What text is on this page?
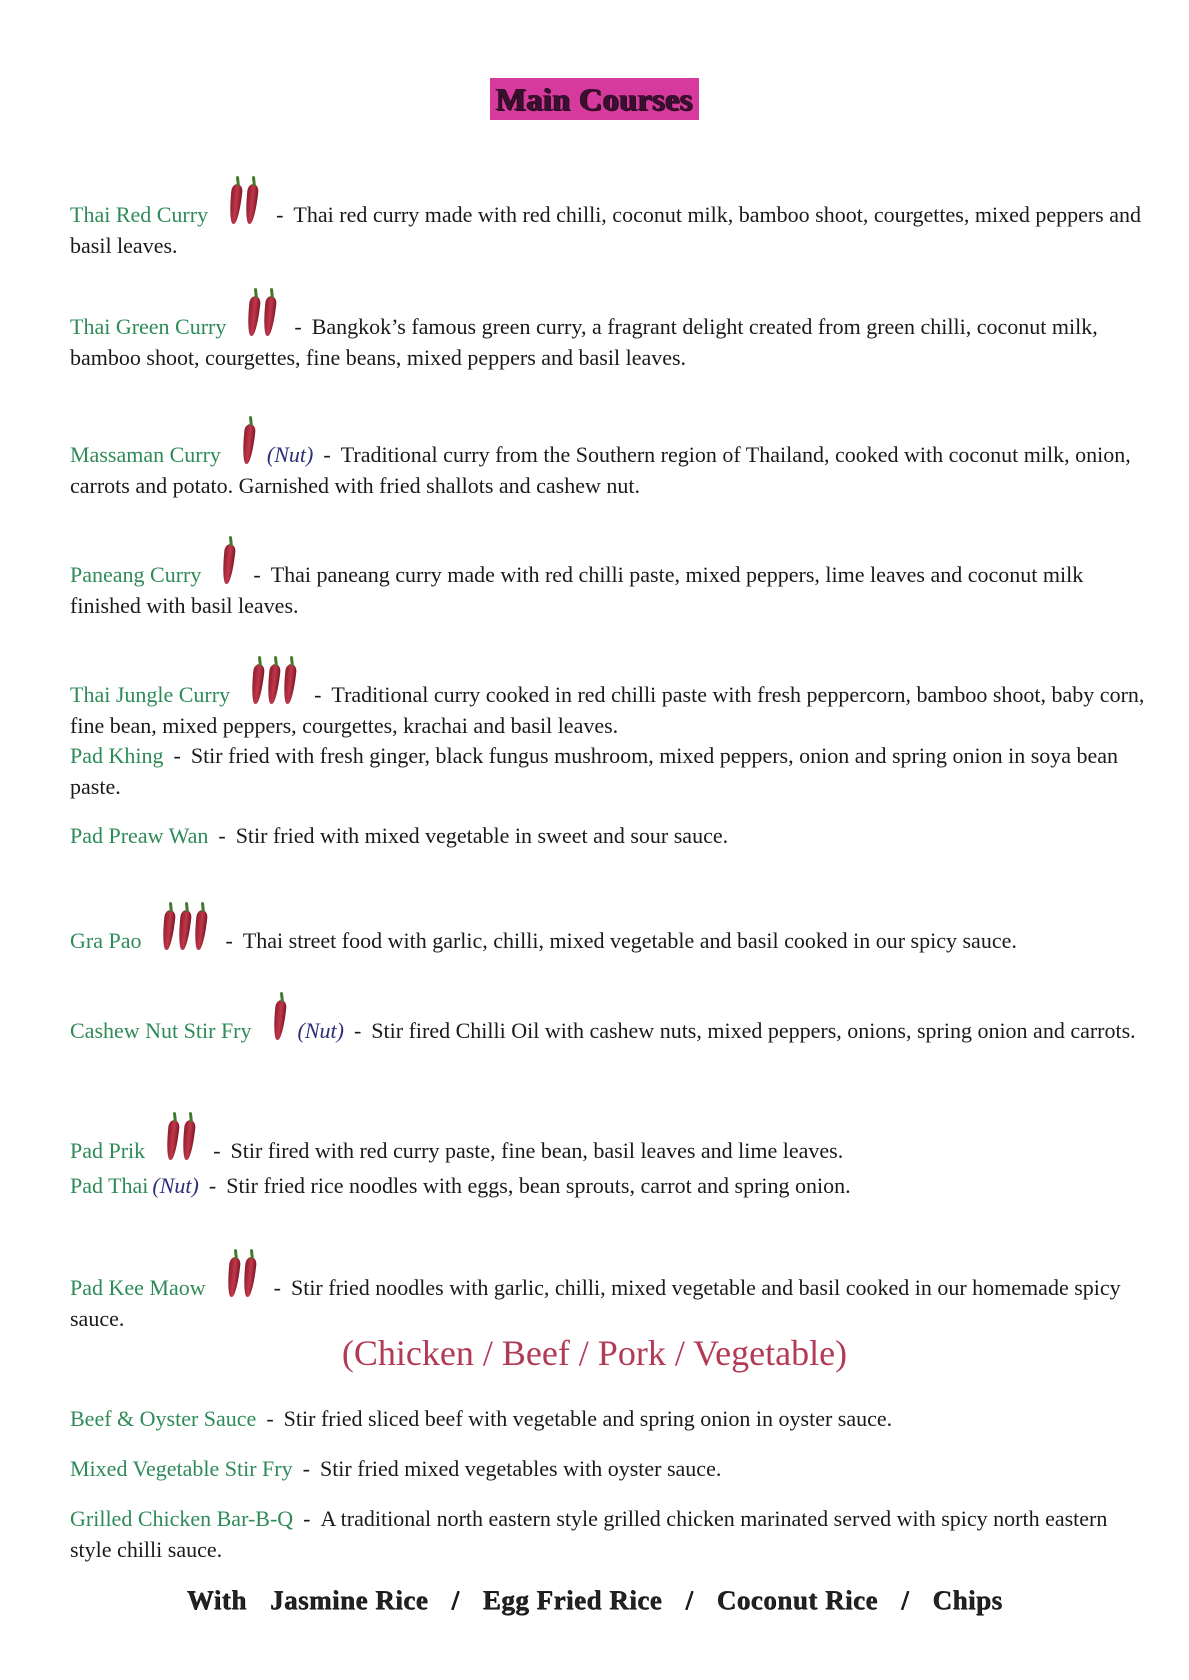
Main Courses
Thai Red Curry	- Thai red curry made with red chilli, coconut milk, bamboo shoot, courgettes, mixed peppers and basil leaves.
Thai Green Curry	- Bangkok’s famous green curry, a fragrant delight created from green chilli, coconut milk, bamboo shoot, courgettes, fine beans, mixed peppers and basil leaves.
Massaman Curry (Nut) - Traditional curry from the Southern region of Thailand, cooked with coconut milk, onion, carrots and potato. Garnished with fried shallots and cashew nut.
Paneang Curry - Thai paneang curry made with red chilli paste, mixed peppers, lime leaves and coconut milk finished with basil leaves.
Thai Jungle Curry	- Traditional curry cooked in red chilli paste with fresh peppercorn, bamboo shoot, baby corn, fine bean, mixed peppers, courgettes, krachai and basil leaves.
Pad Khing - Stir fried with fresh ginger, black fungus mushroom, mixed peppers, onion and spring onion in soya bean paste.
Pad Preaw Wan - Stir fried with mixed vegetable in sweet and sour sauce.
Gra Pao	- Thai street food with garlic, chilli, mixed vegetable and basil cooked in our spicy sauce.
Cashew Nut Stir Fry (Nut) - Stir fired Chilli Oil with cashew nuts, mixed peppers, onions, spring onion and carrots.
Pad Prik	- Stir fired with red curry paste, fine bean, basil leaves and lime leaves.
Pad Thai (Nut) - Stir fried rice noodles with eggs, bean sprouts, carrot and spring onion.
Pad Kee Maow	- Stir fried noodles with garlic, chilli, mixed vegetable and basil cooked in our homemade spicy sauce.
(Chicken / Beef / Pork / Vegetable)
Beef & Oyster Sauce - Stir fried sliced beef with vegetable and spring onion in oyster sauce.
Mixed Vegetable Stir Fry - Stir fried mixed vegetables with oyster sauce.
Grilled Chicken Bar-B-Q - A traditional north eastern style grilled chicken marinated served with spicy north eastern style chilli sauce.
With Jasmine Rice / Egg Fried Rice / Coconut Rice / Chips
